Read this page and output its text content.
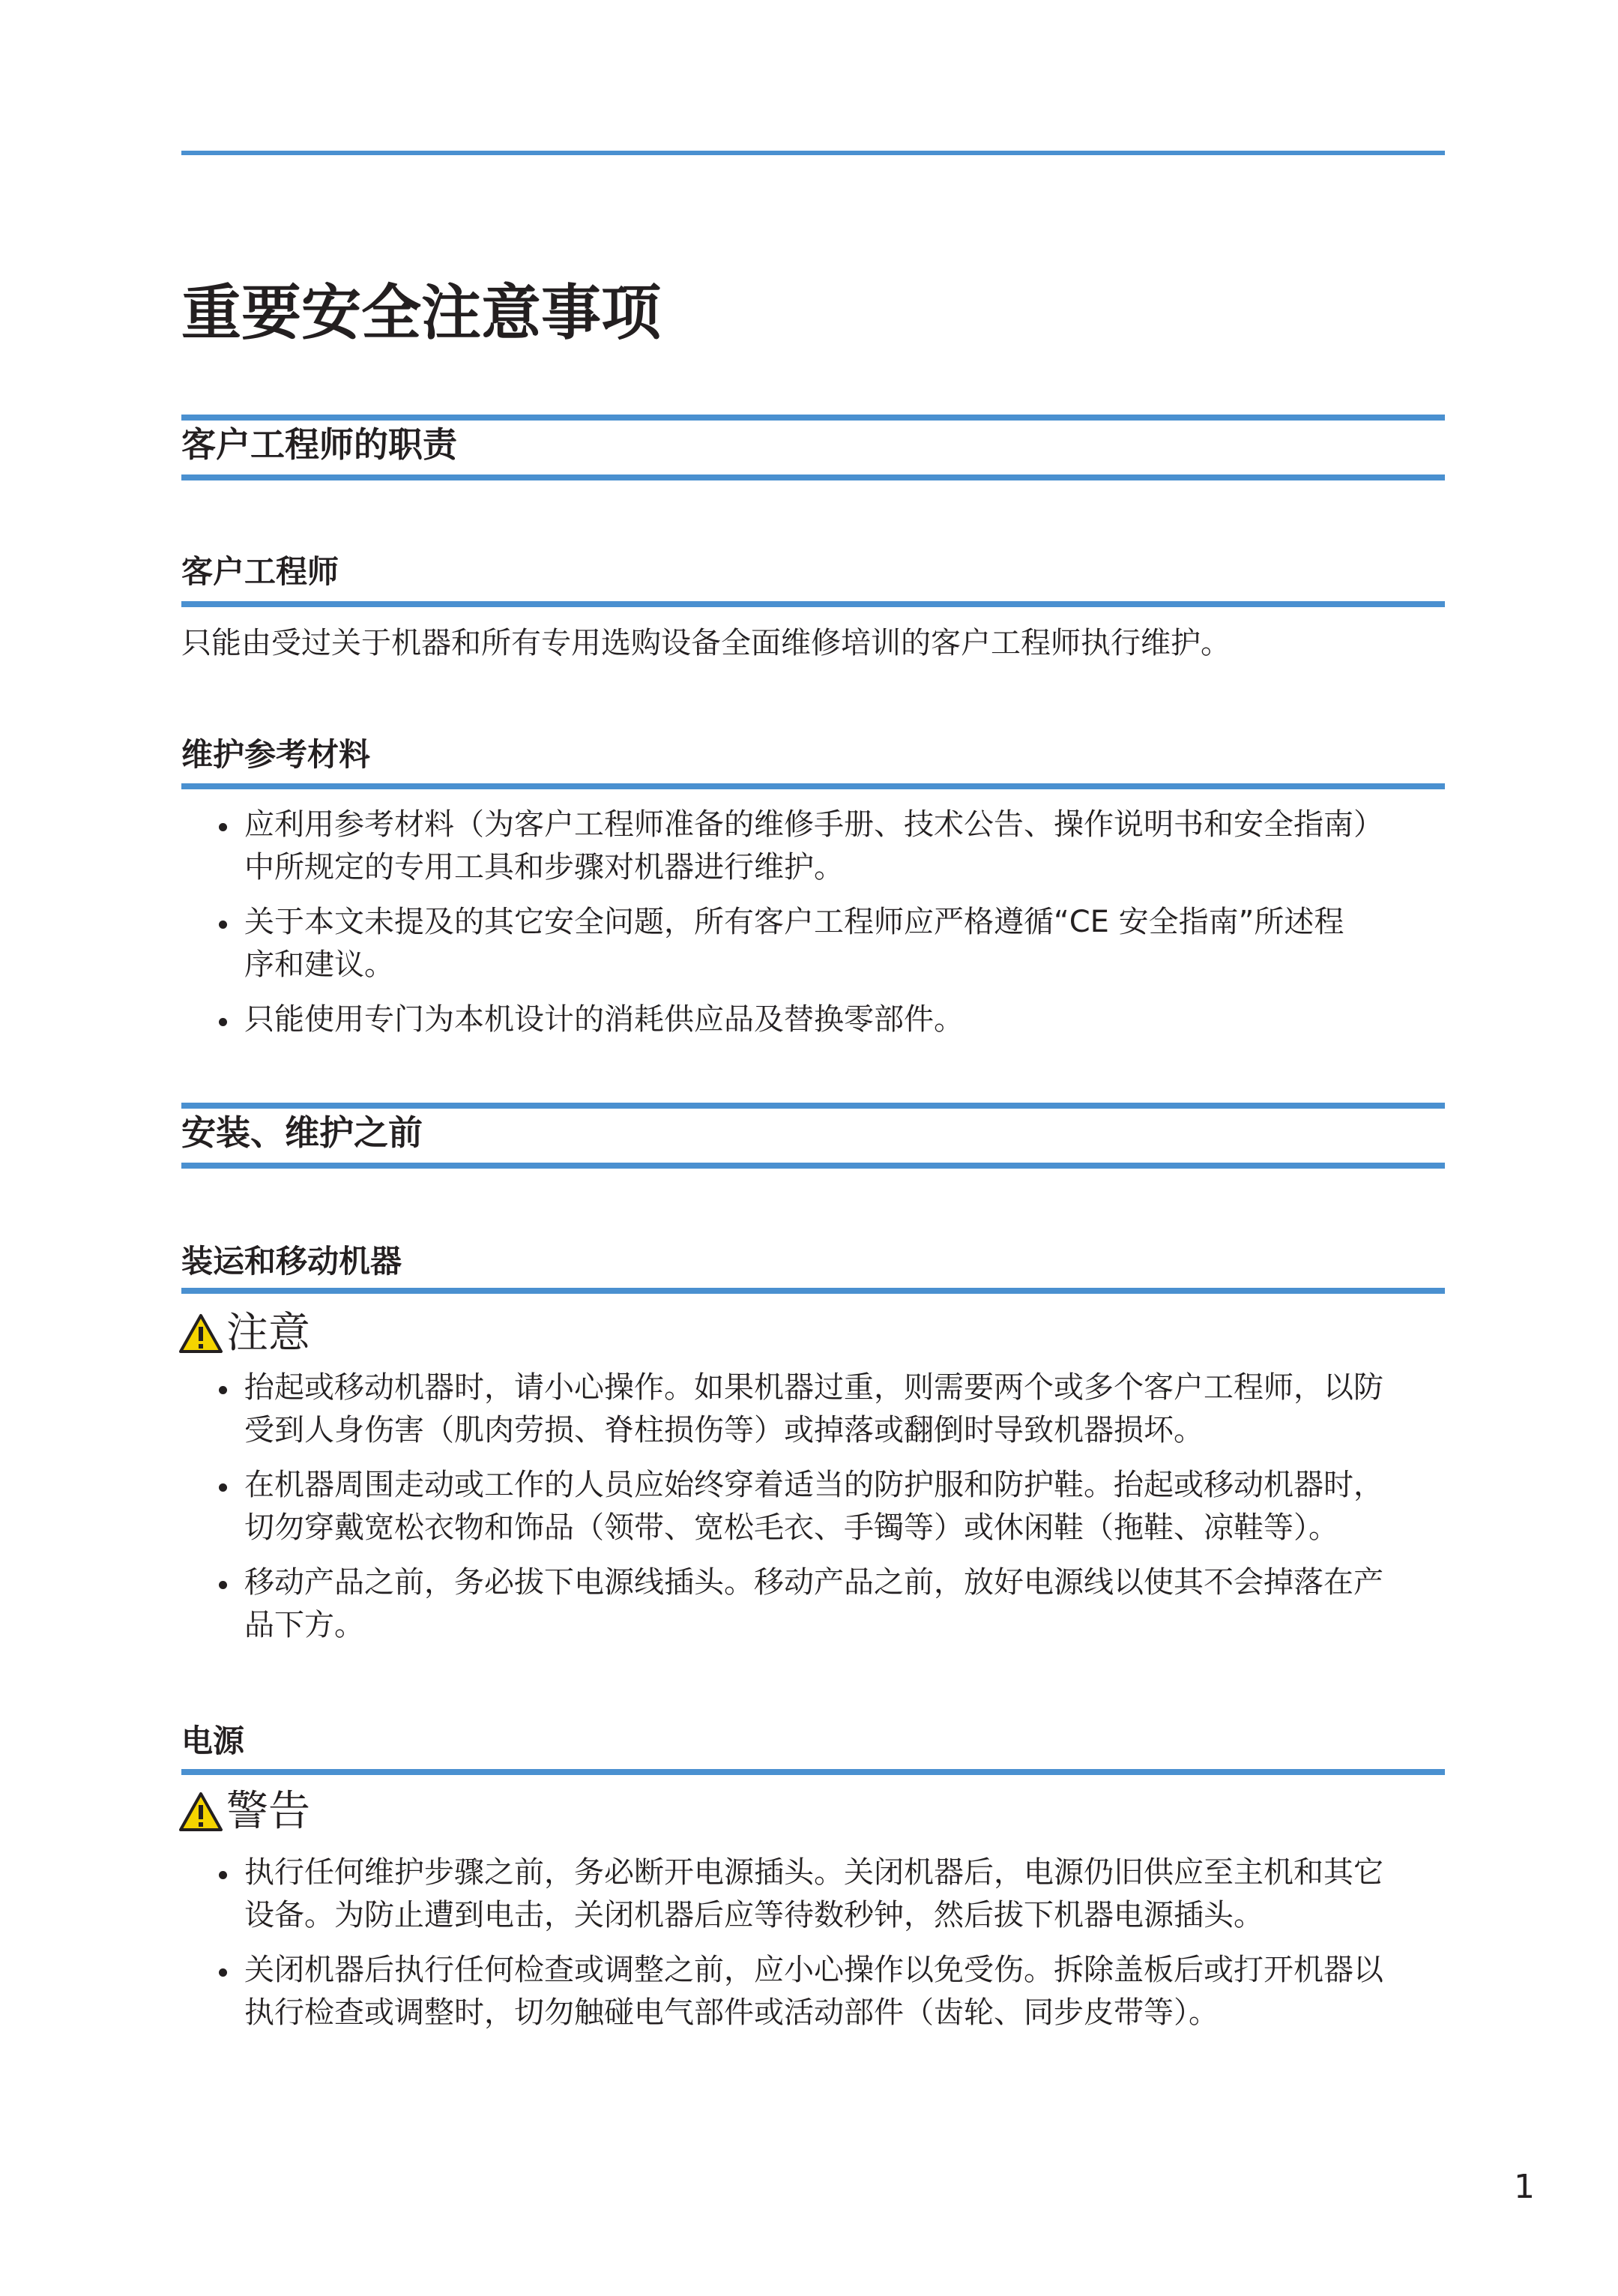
重要安全注意事项
客户工程师的职责
客户工程师
只能由受过关于机器和所有专用选购设备全面维修培训的客户工程师执行维护。
维护参考材料
应利用参考材料（为客户工程师准备的维修手册、技术公告、操作说明书和安全指南）
中所规定的专用工具和步骤对机器进行维护。
关于本文未提及的其它安全问题，所有客户工程师应严格遵循“CE 安全指南”所述程
序和建议。
只能使用专门为本机设计的消耗供应品及替换零部件。
安装、维护之前
装运和移动机器
注意
抬起或移动机器时，请小心操作。如果机器过重，则需要两个或多个客户工程师，以防
受到人身伤害（肌肉劳损、脊柱损伤等）或掉落或翻倒时导致机器损坏。
在机器周围走动或工作的人员应始终穿着适当的防护服和防护鞋。抬起或移动机器时，
切勿穿戴宽松衣物和饰品（领带、宽松毛衣、手镯等）或休闲鞋（拖鞋、凉鞋等）。
移动产品之前，务必拔下电源线插头。移动产品之前，放好电源线以使其不会掉落在产
品下方。
电源
警告
执行任何维护步骤之前，务必断开电源插头。关闭机器后，电源仍旧供应至主机和其它
设备。为防止遭到电击，关闭机器后应等待数秒钟，然后拔下机器电源插头。
关闭机器后执行任何检查或调整之前，应小心操作以免受伤。拆除盖板后或打开机器以
执行检查或调整时，切勿触碰电气部件或活动部件（齿轮、同步皮带等）。
1
